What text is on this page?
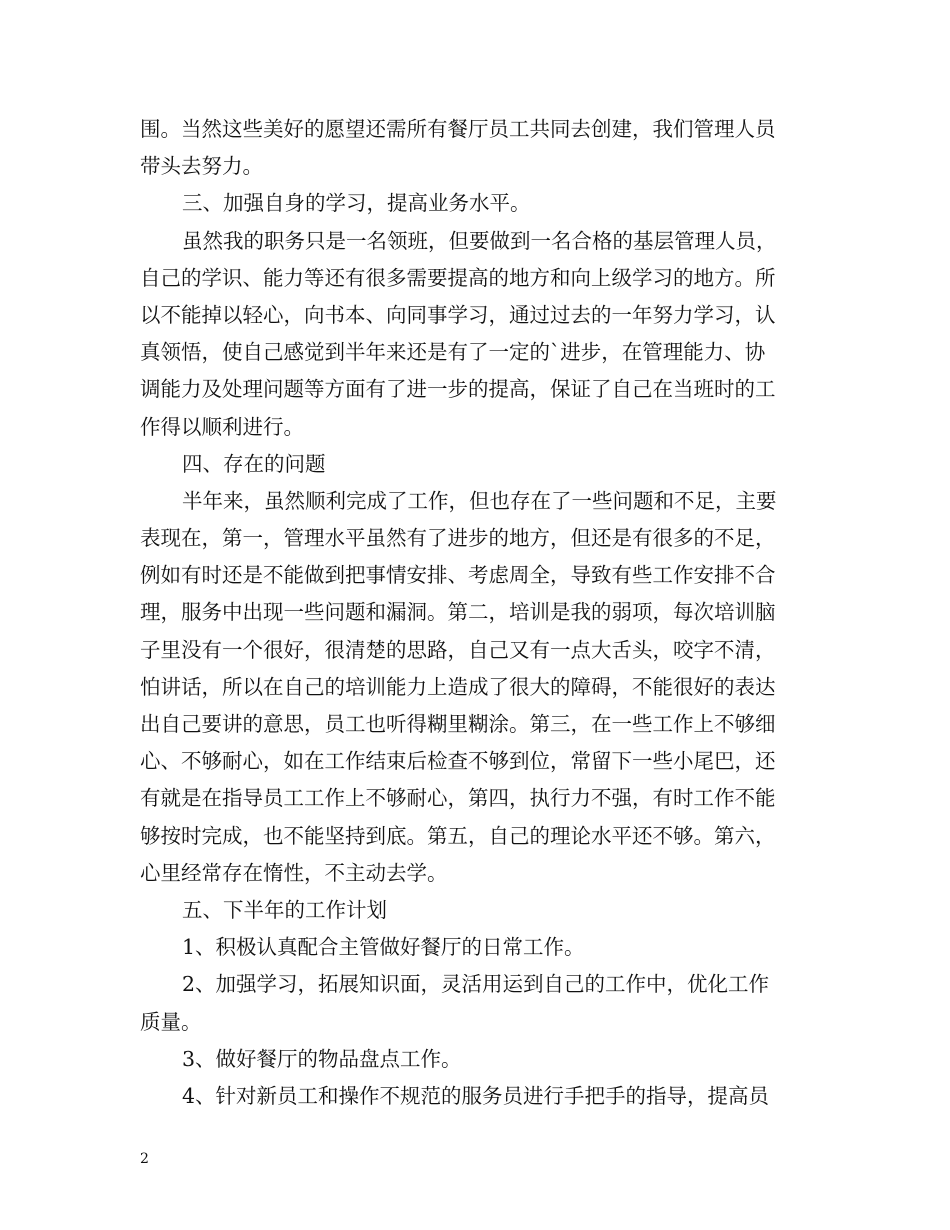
围。当然这些美好的愿望还需所有餐厅员工共同去创建，我们管理人员
带头去努力。
三、加强自身的学习，提高业务水平。
虽然我的职务只是一名领班，但要做到一名合格的基层管理人员，
自己的学识、能力等还有很多需要提高的地方和向上级学习的地方。所
以不能掉以轻心，向书本、向同事学习，通过过去的一年努力学习，认
真领悟，使自己感觉到半年来还是有了一定的`进步，在管理能力、协
调能力及处理问题等方面有了进一步的提高，保证了自己在当班时的工
作得以顺利进行。
四、存在的问题
半年来，虽然顺利完成了工作，但也存在了一些问题和不足，主要
表现在，第一，管理水平虽然有了进步的地方，但还是有很多的不足，
例如有时还是不能做到把事情安排、考虑周全，导致有些工作安排不合
理，服务中出现一些问题和漏洞。第二，培训是我的弱项，每次培训脑
子里没有一个很好，很清楚的思路，自己又有一点大舌头，咬字不清，
怕讲话，所以在自己的培训能力上造成了很大的障碍，不能很好的表达
出自己要讲的意思，员工也听得糊里糊涂。第三，在一些工作上不够细
心、不够耐心，如在工作结束后检查不够到位，常留下一些小尾巴，还
有就是在指导员工工作上不够耐心，第四，执行力不强，有时工作不能
够按时完成，也不能坚持到底。第五，自己的理论水平还不够。第六，
心里经常存在惰性，不主动去学。
五、下半年的工作计划
1、积极认真配合主管做好餐厅的日常工作。
2、加强学习，拓展知识面，灵活用运到自己的工作中，优化工作
质量。
3、做好餐厅的物品盘点工作。
4、针对新员工和操作不规范的服务员进行手把手的指导，提高员
2
